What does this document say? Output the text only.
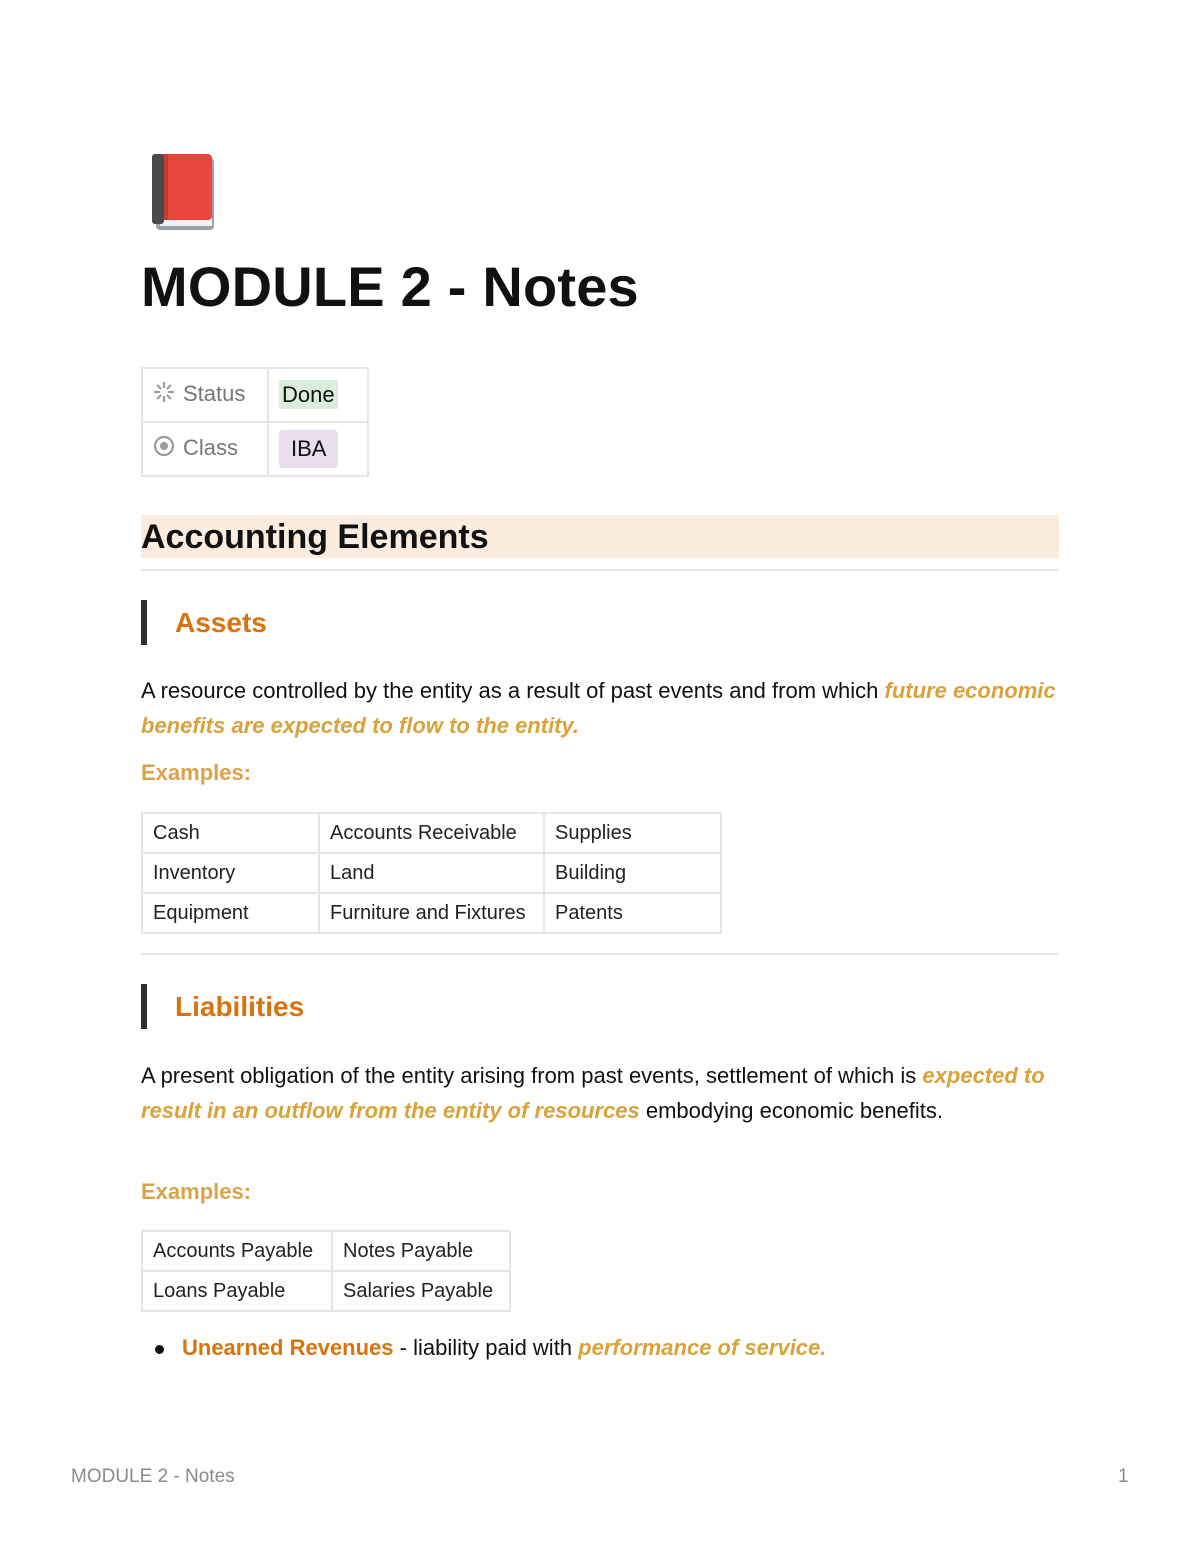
MODULE 2 - Notes
Status	Done
Class	IBA
Accounting Elements
Assets

A resource controlled by the entity as a result of past events and from which future economic benefits are expected to flow to the entity.

Examples:

Cash	Accounts Receivable	Supplies
Inventory	Land	Building
Equipment	Furniture and Fixtures	Patents
Liabilities

A present obligation of the entity arising from past events, settlement of which is expected to result in an outflow from the entity of resources embodying economic benefits.

Examples:

Accounts Payable	Notes Payable
Loans Payable	Salaries Payable
Unearned Revenues - liability paid with performance of service.
MODULE 2 - Notes	1
